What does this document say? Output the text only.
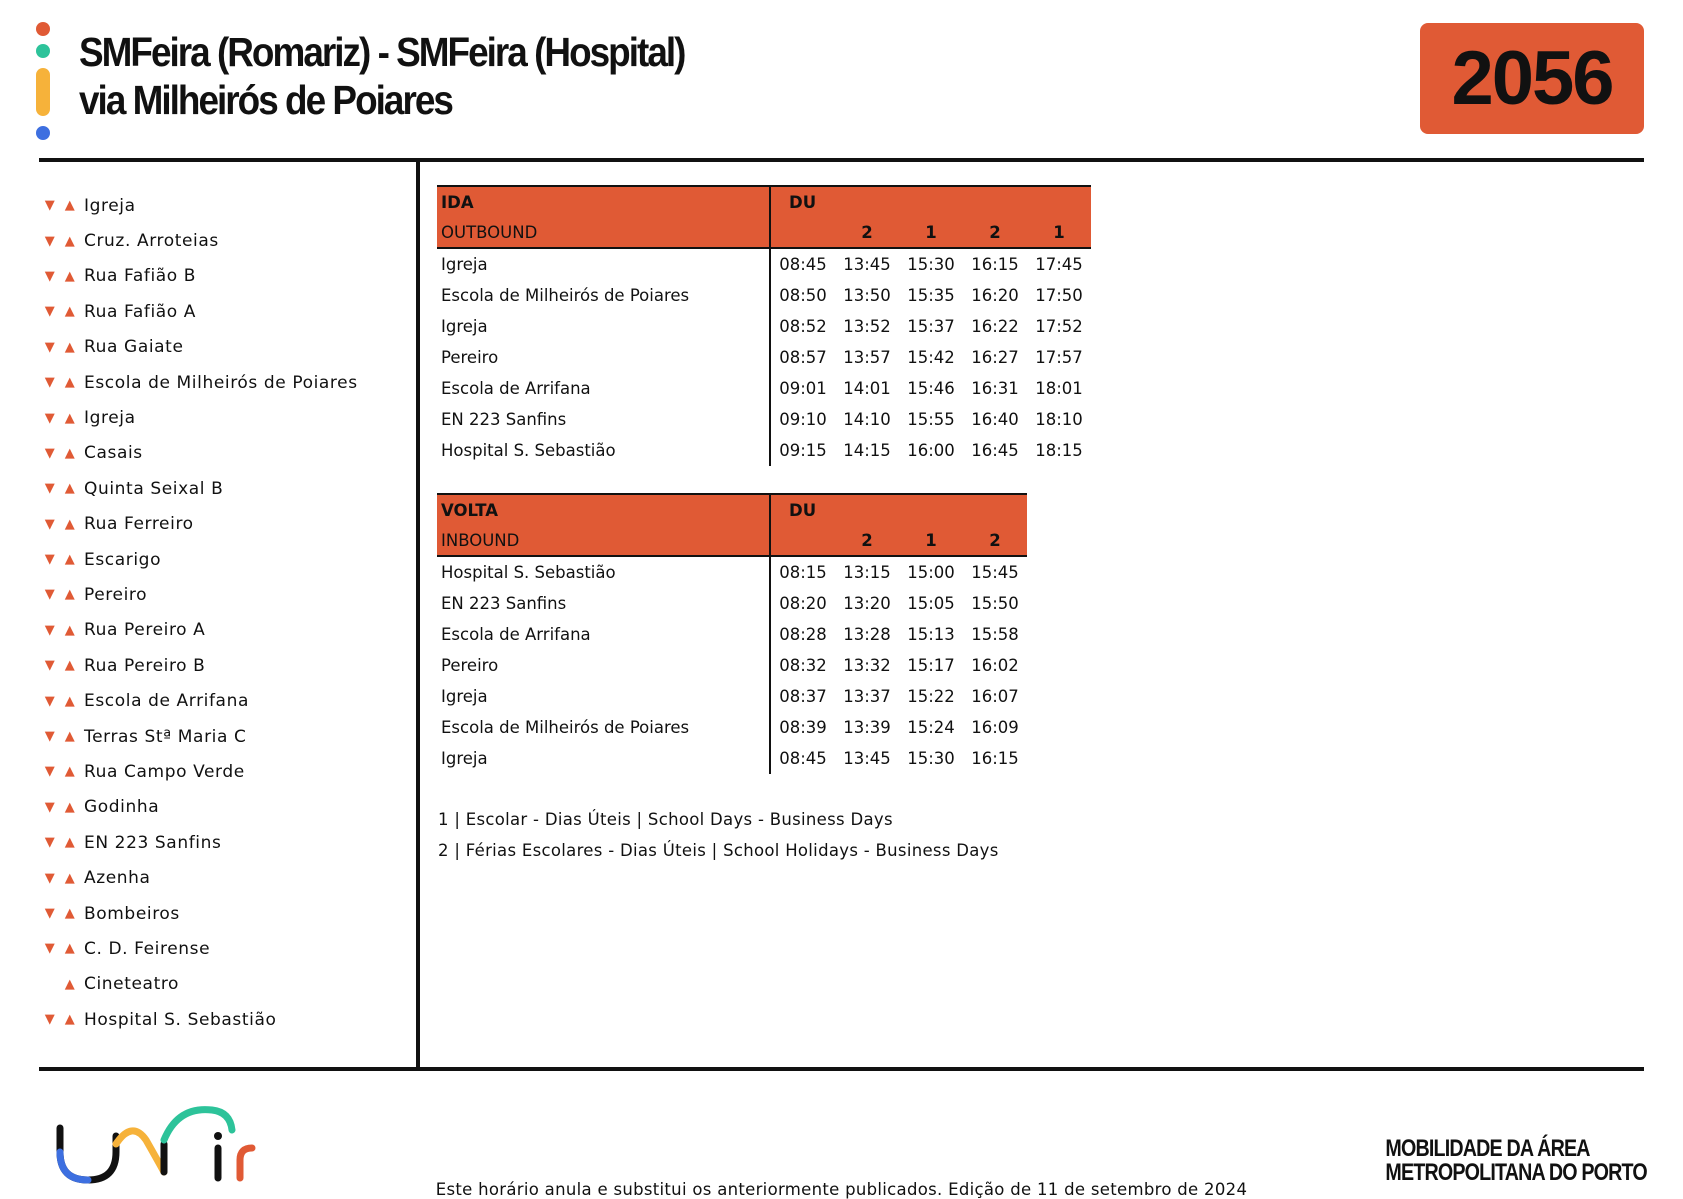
SMFeira (Romariz) - SMFeira (Hospital)
via Milheirós de Poiares	2056
▼ ▲ Igreja
▼ ▲ Cruz. Arroteias
▼ ▲ Rua Fafião B
▼ ▲ Rua Fafião A
▼ ▲ Rua Gaiate
▼ ▲ Escola de Milheirós de Poiares
▼ ▲ Igreja
▼ ▲ Casais
▼ ▲ Quinta Seixal B
▼ ▲ Rua Ferreiro
▼ ▲ Escarigo
▼ ▲ Pereiro
▼ ▲ Rua Pereiro A
▼ ▲ Rua Pereiro B
▼ ▲ Escola de Arrifana
▼ ▲ Terras Stª Maria C
▼ ▲ Rua Campo Verde
▼ ▲ Godinha
▼ ▲ EN 223 Sanfins
▼ ▲ Azenha
▼ ▲ Bombeiros
▼ ▲ C. D. Feirense
▲ Cineteatro
▼ ▲ Hospital S. Sebastião
IDA	DU				
OUTBOUND		2	1	2	1
Igreja	08:45	13:45	15:30	16:15	17:45
Escola de Milheirós de Poiares	08:50	13:50	15:35	16:20	17:50
Igreja	08:52	13:52	15:37	16:22	17:52
Pereiro	08:57	13:57	15:42	16:27	17:57
Escola de Arrifana	09:01	14:01	15:46	16:31	18:01
EN 223 Sanfins	09:10	14:10	15:55	16:40	18:10
Hospital S. Sebastião	09:15	14:15	16:00	16:45	18:15
VOLTA	DU			
INBOUND		2	1	2
Hospital S. Sebastião	08:15	13:15	15:00	15:45
EN 223 Sanfins	08:20	13:20	15:05	15:50
Escola de Arrifana	08:28	13:28	15:13	15:58
Pereiro	08:32	13:32	15:17	16:02
Igreja	08:37	13:37	15:22	16:07
Escola de Milheirós de Poiares	08:39	13:39	15:24	16:09
Igreja	08:45	13:45	15:30	16:15

1 | Escolar - Dias Úteis | School Days - Business Days

2 | Férias Escolares - Dias Úteis | School Holidays - Business Days

MOBILIDADE DA ÁREA
METROPOLITANA DO PORTO
Este horário anula e substitui os anteriormente publicados. Edição de 11 de setembro de 2024
